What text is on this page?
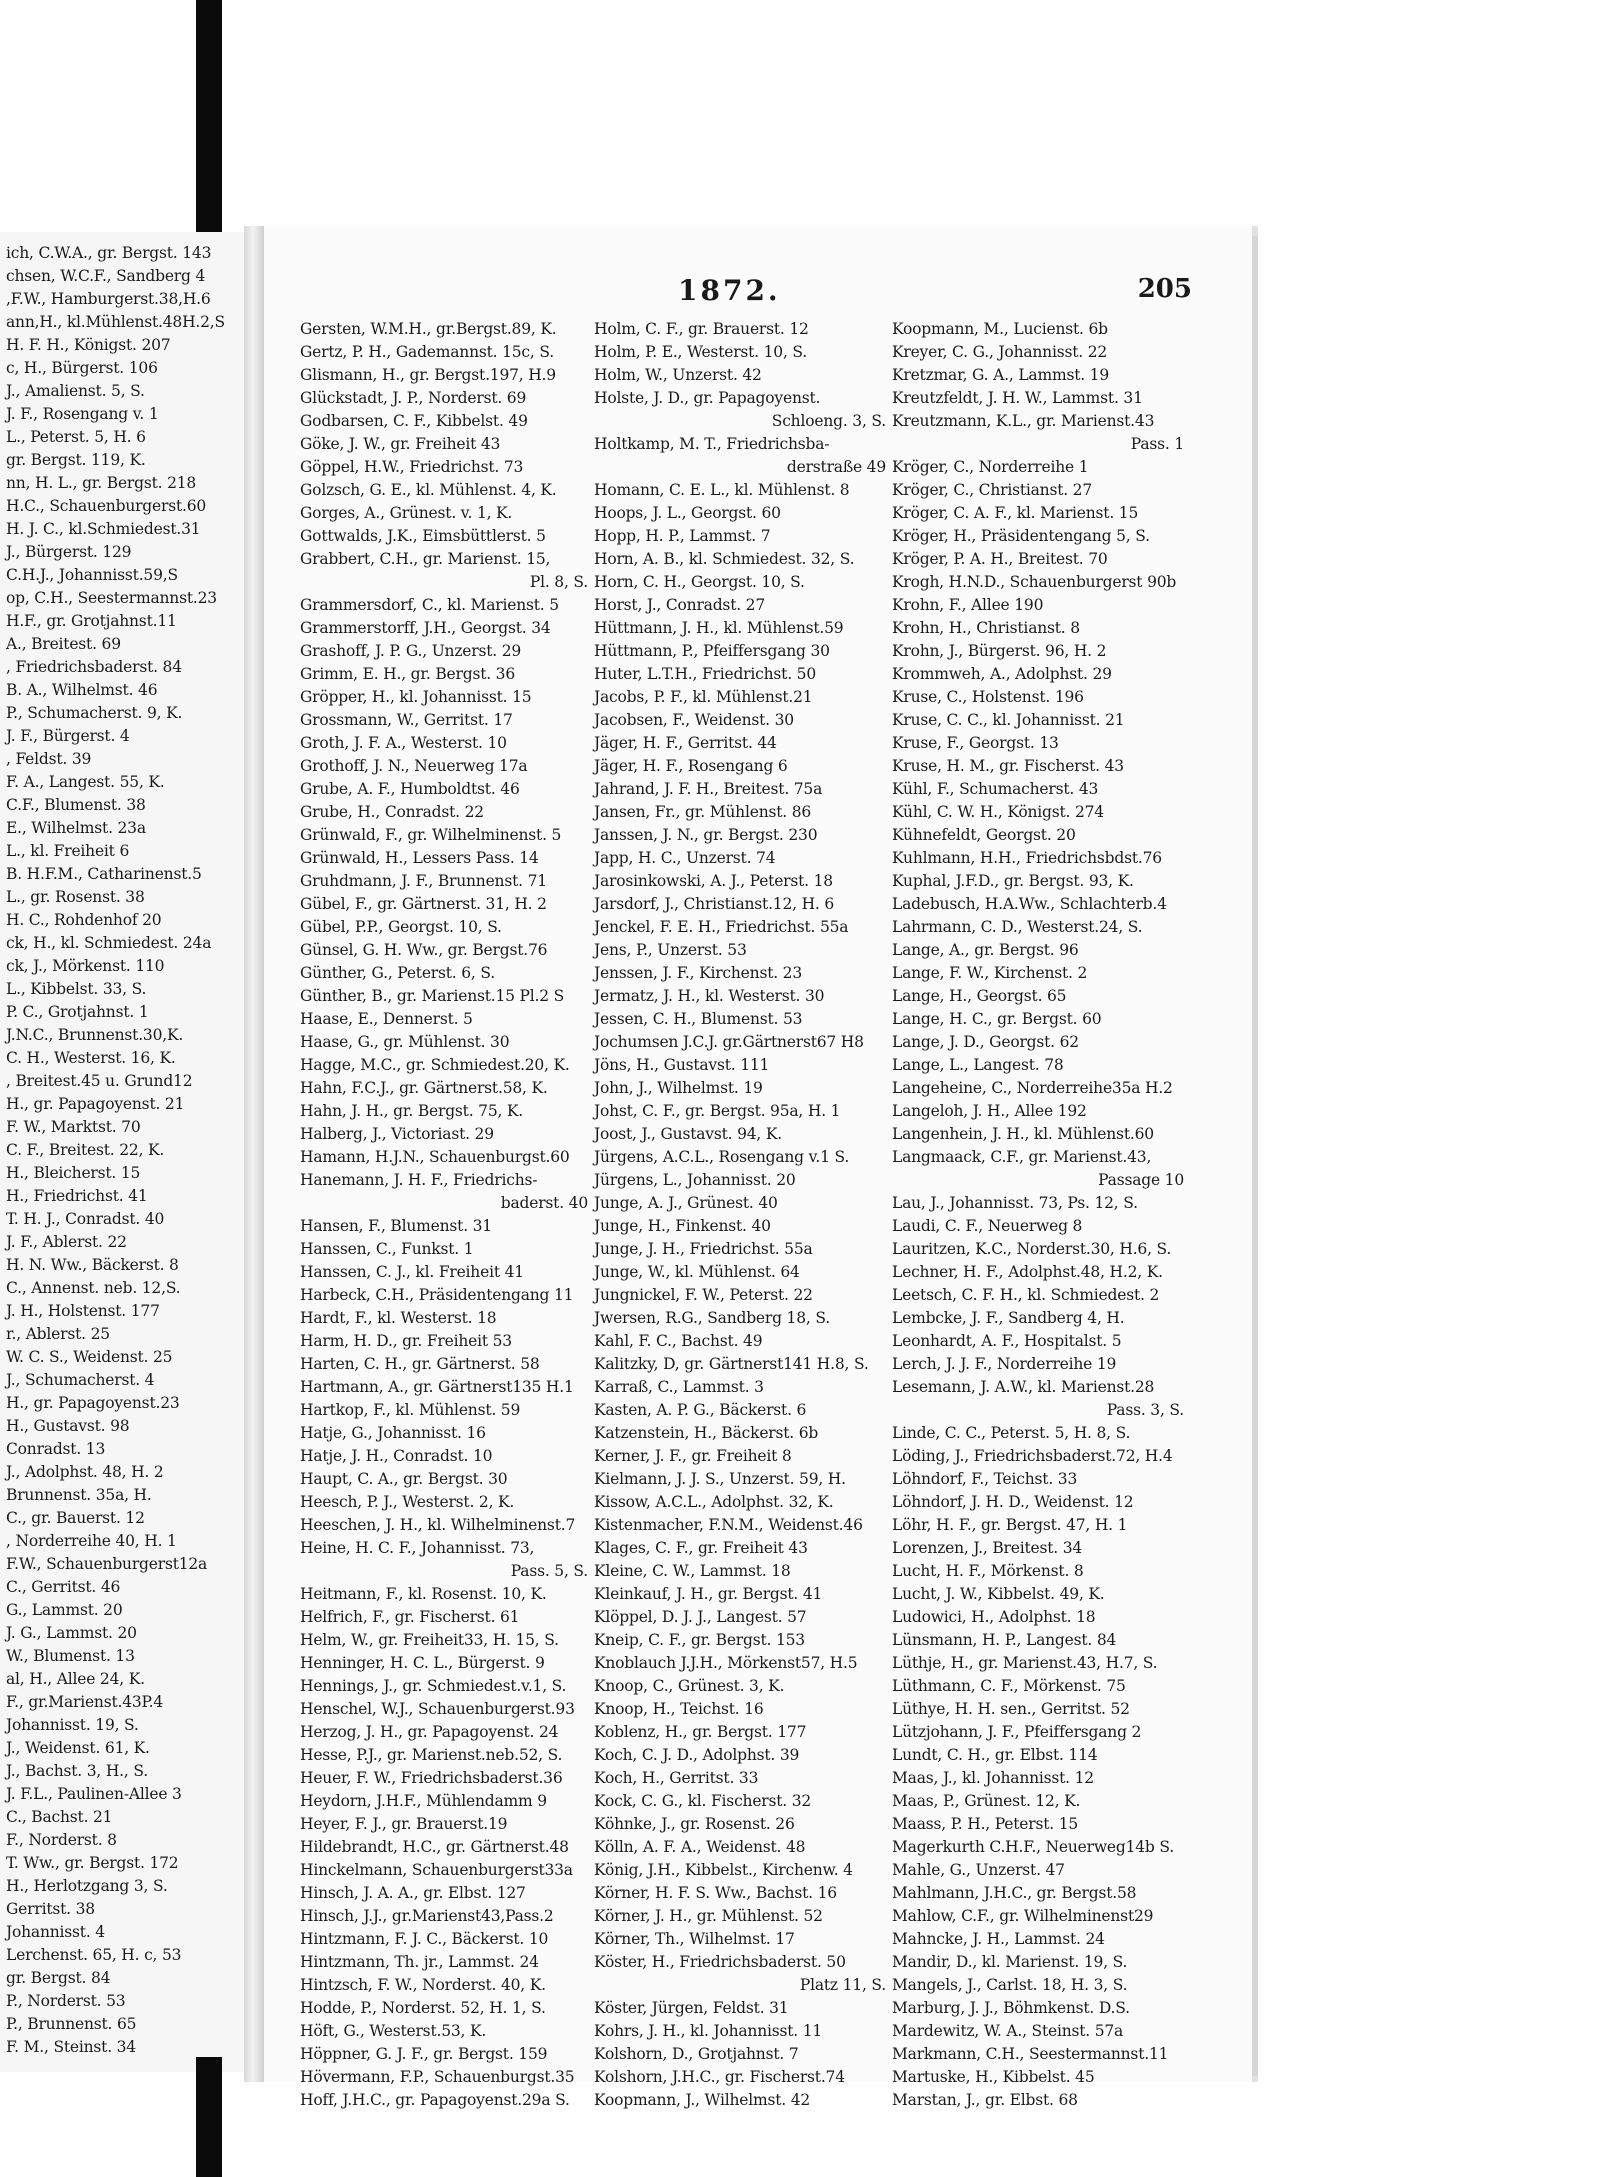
ich, C.W.A., gr. Bergst. 143
chsen, W.C.F., Sandberg 4
,F.W., Hamburgerst.38,H.6
ann,H., kl.Mühlenst.48H.2,S
H. F. H., Königst. 207
c, H., Bürgerst. 106
J., Amalienst. 5, S.
J. F., Rosengang v. 1
L., Peterst. 5, H. 6
gr. Bergst. 119, K.
nn, H. L., gr. Bergst. 218
H.C., Schauenburgerst.60
H. J. C., kl.Schmiedest.31
J., Bürgerst. 129
C.H.J., Johannisst.59,S
op, C.H., Seestermannst.23
H.F., gr. Grotjahnst.11
A., Breitest. 69
, Friedrichsbaderst. 84
B. A., Wilhelmst. 46
P., Schumacherst. 9, K.
J. F., Bürgerst. 4
, Feldst. 39
F. A., Langest. 55, K.
C.F., Blumenst. 38
E., Wilhelmst. 23a
L., kl. Freiheit 6
B. H.F.M., Catharinenst.5
L., gr. Rosenst. 38
H. C., Rohdenhof 20
ck, H., kl. Schmiedest. 24a
ck, J., Mörkenst. 110
L., Kibbelst. 33, S.
P. C., Grotjahnst. 1
J.N.C., Brunnenst.30,K.
C. H., Westerst. 16, K.
, Breitest.45 u. Grund12
H., gr. Papagoyenst. 21
F. W., Marktst. 70
C. F., Breitest. 22, K.
H., Bleicherst. 15
H., Friedrichst. 41
T. H. J., Conradst. 40
J. F., Ablerst. 22
H. N. Ww., Bäckerst. 8
C., Annenst. neb. 12,S.
J. H., Holstenst. 177
r., Ablerst. 25
W. C. S., Weidenst. 25
J., Schumacherst. 4
H., gr. Papagoyenst.23
H., Gustavst. 98
Conradst. 13
J., Adolphst. 48, H. 2
Brunnenst. 35a, H.
C., gr. Bauerst. 12
, Norderreihe 40, H. 1
F.W., Schauenburgerst12a
C., Gerritst. 46
G., Lammst. 20
J. G., Lammst. 20
W., Blumenst. 13
al, H., Allee 24, K.
F., gr.Marienst.43P.4
Johannisst. 19, S.
J., Weidenst. 61, K.
J., Bachst. 3, H., S.
J. F.L., Paulinen-Allee 3
C., Bachst. 21
F., Norderst. 8
T. Ww., gr. Bergst. 172
H., Herlotzgang 3, S.
Gerritst. 38
Johannisst. 4
Lerchenst. 65, H. c, 53
gr. Bergst. 84
P., Norderst. 53
P., Brunnenst. 65
F. M., Steinst. 34
1872.	205
Gersten, W.M.H., gr.Bergst.89, K.
Gertz, P. H., Gademannst. 15c, S.
Glismann, H., gr. Bergst.197, H.9
Glückstadt, J. P., Norderst. 69
Godbarsen, C. F., Kibbelst. 49
Göke, J. W., gr. Freiheit 43
Göppel, H.W., Friedrichst. 73
Golzsch, G. E., kl. Mühlenst. 4, K.
Gorges, A., Grünest. v. 1, K.
Gottwalds, J.K., Eimsbüttlerst. 5
Grabbert, C.H., gr. Marienst. 15,
Pl. 8, S.
Grammersdorf, C., kl. Marienst. 5
Grammerstorff, J.H., Georgst. 34
Grashoff, J. P. G., Unzerst. 29
Grimm, E. H., gr. Bergst. 36
Gröpper, H., kl. Johannisst. 15
Grossmann, W., Gerritst. 17
Groth, J. F. A., Westerst. 10
Grothoff, J. N., Neuerweg 17a
Grube, A. F., Humboldtst. 46
Grube, H., Conradst. 22
Grünwald, F., gr. Wilhelminenst. 5
Grünwald, H., Lessers Pass. 14
Gruhdmann, J. F., Brunnenst. 71
Gübel, F., gr. Gärtnerst. 31, H. 2
Gübel, P.P., Georgst. 10, S.
Günsel, G. H. Ww., gr. Bergst.76
Günther, G., Peterst. 6, S.
Günther, B., gr. Marienst.15 Pl.2 S
Haase, E., Dennerst. 5
Haase, G., gr. Mühlenst. 30
Hagge, M.C., gr. Schmiedest.20, K.
Hahn, F.C.J., gr. Gärtnerst.58, K.
Hahn, J. H., gr. Bergst. 75, K.
Halberg, J., Victoriast. 29
Hamann, H.J.N., Schauenburgst.60
Hanemann, J. H. F., Friedrichs-
baderst. 40
Hansen, F., Blumenst. 31
Hanssen, C., Funkst. 1
Hanssen, C. J., kl. Freiheit 41
Harbeck, C.H., Präsidentengang 11
Hardt, F., kl. Westerst. 18
Harm, H. D., gr. Freiheit 53
Harten, C. H., gr. Gärtnerst. 58
Hartmann, A., gr. Gärtnerst135 H.1
Hartkop, F., kl. Mühlenst. 59
Hatje, G., Johannisst. 16
Hatje, J. H., Conradst. 10
Haupt, C. A., gr. Bergst. 30
Heesch, P. J., Westerst. 2, K.
Heeschen, J. H., kl. Wilhelminenst.7
Heine, H. C. F., Johannisst. 73,
Pass. 5, S.
Heitmann, F., kl. Rosenst. 10, K.
Helfrich, F., gr. Fischerst. 61
Helm, W., gr. Freiheit33, H. 15, S.
Henninger, H. C. L., Bürgerst. 9
Hennings, J., gr. Schmiedest.v.1, S.
Henschel, W.J., Schauenburgerst.93
Herzog, J. H., gr. Papagoyenst. 24
Hesse, P.J., gr. Marienst.neb.52, S.
Heuer, F. W., Friedrichsbaderst.36
Heydorn, J.H.F., Mühlendamm 9
Heyer, F. J., gr. Brauerst.19
Hildebrandt, H.C., gr. Gärtnerst.48
Hinckelmann, Schauenburgerst33a
Hinsch, J. A. A., gr. Elbst. 127
Hinsch, J.J., gr.Marienst43,Pass.2
Hintzmann, F. J. C., Bäckerst. 10
Hintzmann, Th. jr., Lammst. 24
Hintzsch, F. W., Norderst. 40, K.
Hodde, P., Norderst. 52, H. 1, S.
Höft, G., Westerst.53, K.
Höppner, G. J. F., gr. Bergst. 159
Hövermann, F.P., Schauenburgst.35
Hoff, J.H.C., gr. Papagoyenst.29a S.
Holm, C. F., gr. Brauerst. 12
Holm, P. E., Westerst. 10, S.
Holm, W., Unzerst. 42
Holste, J. D., gr. Papagoyenst.
Schloeng. 3, S.
Holtkamp, M. T., Friedrichsba-
derstraße 49
Homann, C. E. L., kl. Mühlenst. 8
Hoops, J. L., Georgst. 60
Hopp, H. P., Lammst. 7
Horn, A. B., kl. Schmiedest. 32, S.
Horn, C. H., Georgst. 10, S.
Horst, J., Conradst. 27
Hüttmann, J. H., kl. Mühlenst.59
Hüttmann, P., Pfeiffersgang 30
Huter, L.T.H., Friedrichst. 50
Jacobs, P. F., kl. Mühlenst.21
Jacobsen, F., Weidenst. 30
Jäger, H. F., Gerritst. 44
Jäger, H. F., Rosengang 6
Jahrand, J. F. H., Breitest. 75a
Jansen, Fr., gr. Mühlenst. 86
Janssen, J. N., gr. Bergst. 230
Japp, H. C., Unzerst. 74
Jarosinkowski, A. J., Peterst. 18
Jarsdorf, J., Christianst.12, H. 6
Jenckel, F. E. H., Friedrichst. 55a
Jens, P., Unzerst. 53
Jenssen, J. F., Kirchenst. 23
Jermatz, J. H., kl. Westerst. 30
Jessen, C. H., Blumenst. 53
Jochumsen J.C.J. gr.Gärtnerst67 H8
Jöns, H., Gustavst. 111
John, J., Wilhelmst. 19
Johst, C. F., gr. Bergst. 95a, H. 1
Joost, J., Gustavst. 94, K.
Jürgens, A.C.L., Rosengang v.1 S.
Jürgens, L., Johannisst. 20
Junge, A. J., Grünest. 40
Junge, H., Finkenst. 40
Junge, J. H., Friedrichst. 55a
Junge, W., kl. Mühlenst. 64
Jungnickel, F. W., Peterst. 22
Jwersen, R.G., Sandberg 18, S.
Kahl, F. C., Bachst. 49
Kalitzky, D, gr. Gärtnerst141 H.8, S.
Karraß, C., Lammst. 3
Kasten, A. P. G., Bäckerst. 6
Katzenstein, H., Bäckerst. 6b
Kerner, J. F., gr. Freiheit 8
Kielmann, J. J. S., Unzerst. 59, H.
Kissow, A.C.L., Adolphst. 32, K.
Kistenmacher, F.N.M., Weidenst.46
Klages, C. F., gr. Freiheit 43
Kleine, C. W., Lammst. 18
Kleinkauf, J. H., gr. Bergst. 41
Klöppel, D. J. J., Langest. 57
Kneip, C. F., gr. Bergst. 153
Knoblauch J.J.H., Mörkenst57, H.5
Knoop, C., Grünest. 3, K.
Knoop, H., Teichst. 16
Koblenz, H., gr. Bergst. 177
Koch, C. J. D., Adolphst. 39
Koch, H., Gerritst. 33
Kock, C. G., kl. Fischerst. 32
Köhnke, J., gr. Rosenst. 26
Kölln, A. F. A., Weidenst. 48
König, J.H., Kibbelst., Kirchenw. 4
Körner, H. F. S. Ww., Bachst. 16
Körner, J. H., gr. Mühlenst. 52
Körner, Th., Wilhelmst. 17
Köster, H., Friedrichsbaderst. 50
Platz 11, S.
Köster, Jürgen, Feldst. 31
Kohrs, J. H., kl. Johannisst. 11
Kolshorn, D., Grotjahnst. 7
Kolshorn, J.H.C., gr. Fischerst.74
Koopmann, J., Wilhelmst. 42
Koopmann, M., Lucienst. 6b
Kreyer, C. G., Johannisst. 22
Kretzmar, G. A., Lammst. 19
Kreutzfeldt, J. H. W., Lammst. 31
Kreutzmann, K.L., gr. Marienst.43
Pass. 1
Kröger, C., Norderreihe 1
Kröger, C., Christianst. 27
Kröger, C. A. F., kl. Marienst. 15
Kröger, H., Präsidentengang 5, S.
Kröger, P. A. H., Breitest. 70
Krogh, H.N.D., Schauenburgerst 90b
Krohn, F., Allee 190
Krohn, H., Christianst. 8
Krohn, J., Bürgerst. 96, H. 2
Krommweh, A., Adolphst. 29
Kruse, C., Holstenst. 196
Kruse, C. C., kl. Johannisst. 21
Kruse, F., Georgst. 13
Kruse, H. M., gr. Fischerst. 43
Kühl, F., Schumacherst. 43
Kühl, C. W. H., Königst. 274
Kühnefeldt, Georgst. 20
Kuhlmann, H.H., Friedrichsbdst.76
Kuphal, J.F.D., gr. Bergst. 93, K.
Ladebusch, H.A.Ww., Schlachterb.4
Lahrmann, C. D., Westerst.24, S.
Lange, A., gr. Bergst. 96
Lange, F. W., Kirchenst. 2
Lange, H., Georgst. 65
Lange, H. C., gr. Bergst. 60
Lange, J. D., Georgst. 62
Lange, L., Langest. 78
Langeheine, C., Norderreihe35a H.2
Langeloh, J. H., Allee 192
Langenhein, J. H., kl. Mühlenst.60
Langmaack, C.F., gr. Marienst.43,
Passage 10
Lau, J., Johannisst. 73, Ps. 12, S.
Laudi, C. F., Neuerweg 8
Lauritzen, K.C., Norderst.30, H.6, S.
Lechner, H. F., Adolphst.48, H.2, K.
Leetsch, C. F. H., kl. Schmiedest. 2
Lembcke, J. F., Sandberg 4, H.
Leonhardt, A. F., Hospitalst. 5
Lerch, J. J. F., Norderreihe 19
Lesemann, J. A.W., kl. Marienst.28
Pass. 3, S.
Linde, C. C., Peterst. 5, H. 8, S.
Löding, J., Friedrichsbaderst.72, H.4
Löhndorf, F., Teichst. 33
Löhndorf, J. H. D., Weidenst. 12
Löhr, H. F., gr. Bergst. 47, H. 1
Lorenzen, J., Breitest. 34
Lucht, H. F., Mörkenst. 8
Lucht, J. W., Kibbelst. 49, K.
Ludowici, H., Adolphst. 18
Lünsmann, H. P., Langest. 84
Lüthje, H., gr. Marienst.43, H.7, S.
Lüthmann, C. F., Mörkenst. 75
Lüthye, H. H. sen., Gerritst. 52
Lützjohann, J. F., Pfeiffersgang 2
Lundt, C. H., gr. Elbst. 114
Maas, J., kl. Johannisst. 12
Maas, P., Grünest. 12, K.
Maass, P. H., Peterst. 15
Magerkurth C.H.F., Neuerweg14b S.
Mahle, G., Unzerst. 47
Mahlmann, J.H.C., gr. Bergst.58
Mahlow, C.F., gr. Wilhelminenst29
Mahncke, J. H., Lammst. 24
Mandir, D., kl. Marienst. 19, S.
Mangels, J., Carlst. 18, H. 3, S.
Marburg, J. J., Böhmkenst. D.S.
Mardewitz, W. A., Steinst. 57a
Markmann, C.H., Seestermannst.11
Martuske, H., Kibbelst. 45
Marstan, J., gr. Elbst. 68
